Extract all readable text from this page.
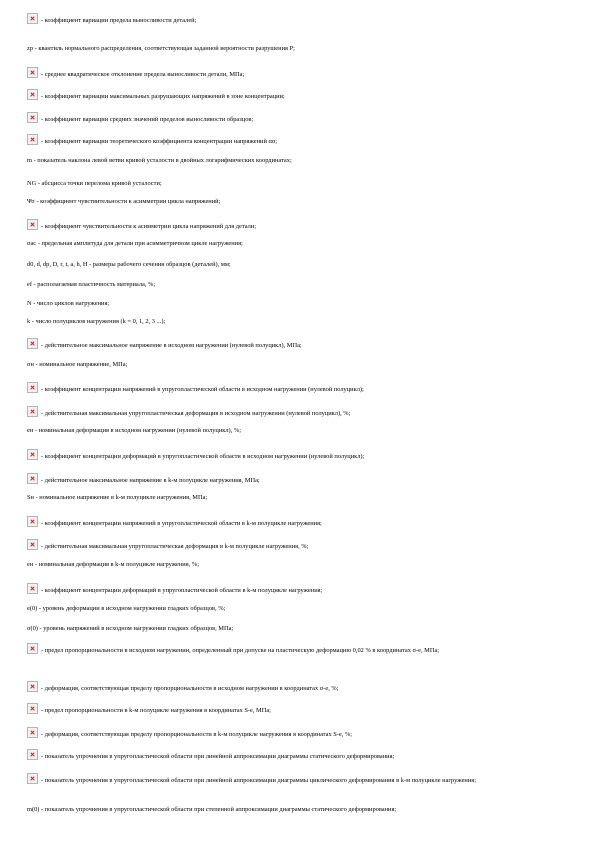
- коэффициент вариации предела выносливости деталей;
zp - квантиль нормального распределения, соответствующая заданной вероятности разрушения P;
- среднее квадратическое отклонение предела выносливости детали, МПа;
- коэффициент вариации максимальных разрушающих напряжений в зоне концентрации;
- коэффициент вариации средних значений пределов выносливости образцов;
- коэффициент вариации теоретического коэффициента концентрации напряжений ασ;
m - показатель наклона левой ветви кривой усталости в двойных логарифмических координатах;
NG - абсцисса точки перелома кривой усталости;
Ψσ - коэффициент чувствительности к асимметрии цикла напряжений;
- коэффициент чувствительности к асимметрии цикла напряжений для детали;
σaс - предельная амплитуда для детали при асимметричном цикле нагружения;
d0, d, dр, D, r, t, а, h, H - размеры рабочего сечения образцов (деталей), мм;
ef - располагаемая пластичность материала, %;
N - число циклов нагружения;
k - число полуциклов нагружения (k = 0, 1, 2, 3 ...);
- действительное максимальное напряжение в исходном нагружении (нулевой полуцикл), МПа;
σн - номинальное напряжение, МПа;
- коэффициент концентрации напряжений в упругопластической области в исходном нагружении (нулевой полуцикл);
- действительная максимальная упругопластическая деформация в исходном нагружении (нулевой полуцикл), %;
eн - номинальная деформация в исходном нагружении (нулевой полуцикл), %;
- коэффициент концентрации деформаций в упругопластической области в исходном нагружении (нулевой полуцикл);
- действительное максимальное напряжение в k-м полуцикле нагружения, МПа;
Sн - номинальное напряжение в k-м полуцикле нагружения, МПа;
- коэффициент концентрации напряжений в упругопластической области в k-м полуцикле нагружения;
- действительная максимальная упругопластическая деформация в k-м полуцикле нагружения, %;
eн - номинальная деформация в k-м полуцикле нагружения, %;
- коэффициент концентрации деформаций в упругопластической области в k-м полуцикле нагружения;
e(0) - уровень деформации в исходном нагружении гладких образцов, %;
σ(0) - уровень напряжений в исходном нагружении гладких образцов, МПа;
- предел пропорциональности в исходном нагружении, определенный при допуске на пластическую деформацию 0,02 % в координатах σ-e, МПа;
- деформация, соответствующая пределу пропорциональности в исходном нагружении в координатах σ-e, %;
- предел пропорциональности в k-м полуцикле нагружения в координатах S-e, МПа;
- деформация, соответствующая пределу пропорциональности в k-м полуцикле нагружения в координатах S-e, %;
- показатель упрочнения в упругопластической области при линейной аппроксимации диаграммы статического деформирования;
- показатель упрочнения в упругопластической области при линейной аппроксимации диаграммы циклического деформирования в k-м полуцикле нагружения;
m(0) - показатель упрочнения в упругопластической области при степенной аппроксимации диаграммы статического деформирования;
